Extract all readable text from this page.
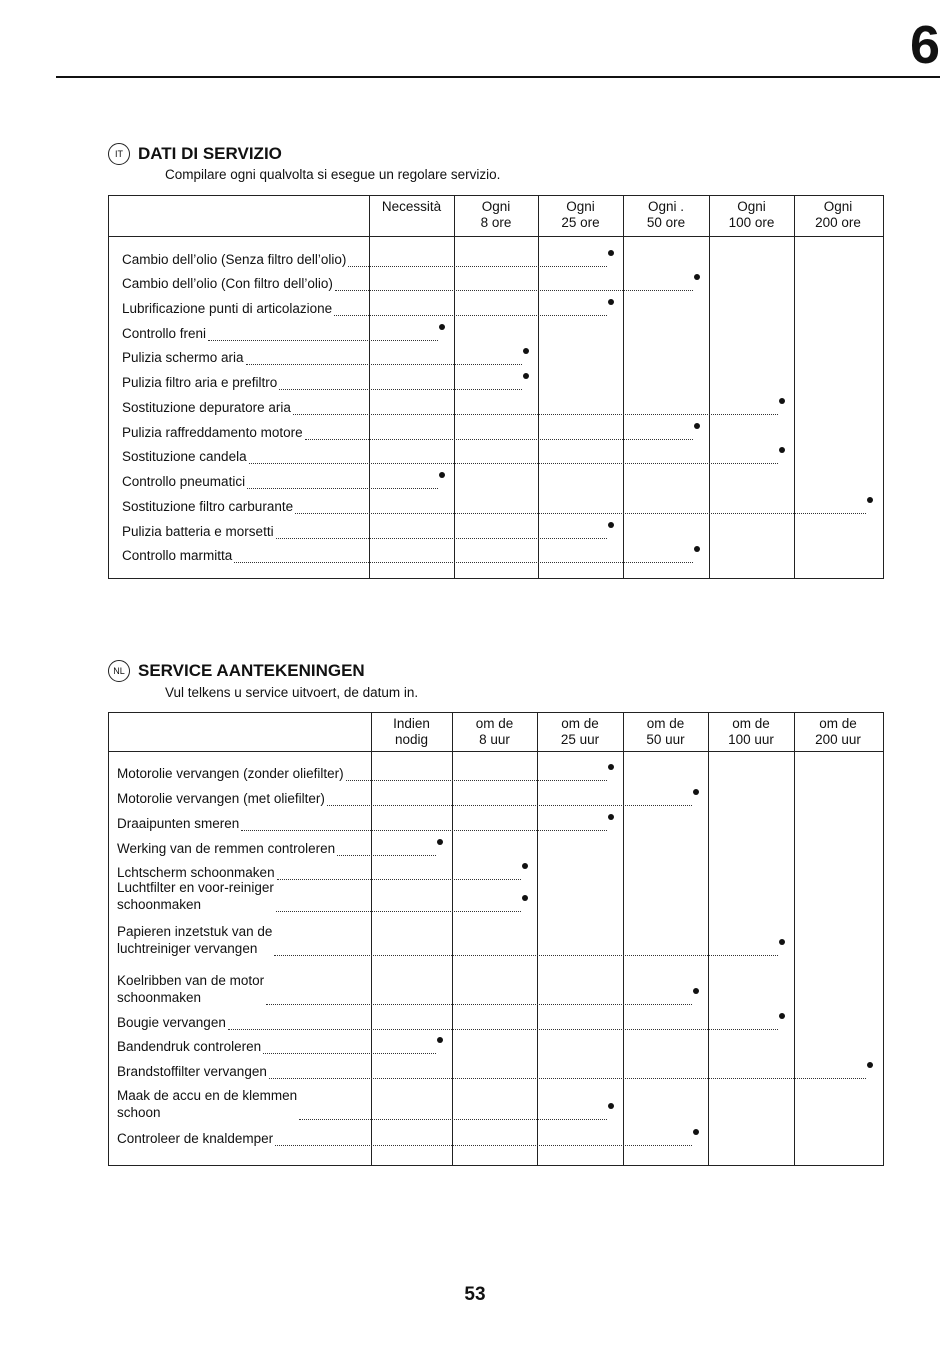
6
IT DATI DI SERVIZIO
Compilare ogni qualvolta si esegue un regolare servizio.
Necessità	Ogni
8 ore
Ogni
25 ore
Ogni .
50 ore
Ogni
100 ore
Ogni
200 ore
Cambio dell’olio (Senza filtro dell’olio)
Cambio dell’olio (Con filtro dell’olio)
Lubrificazione punti di articolazione
Controllo freni
Pulizia schermo aria
Pulizia filtro aria e prefiltro
Sostituzione depuratore aria
Pulizia raffreddamento motore
Sostituzione candela
Controllo pneumatici
Sostituzione filtro carburante
Pulizia batteria e morsetti
Controllo marmitta
NL SERVICE AANTEKENINGEN
Vul telkens u service uitvoert, de datum in.
Indien
nodig
om de
8 uur
om de
25 uur
om de
50 uur
om de
100 uur
om de
200 uur
Motorolie vervangen (zonder oliefilter)
Motorolie vervangen (met oliefilter)
Draaipunten smeren
Werking van de remmen controleren
Lchtscherm schoonmaken
Luchtfilter en voor-reiniger
schoonmaken
Papieren inzetstuk van de
luchtreiniger vervangen
Koelribben van de motor
schoonmaken
Bougie vervangen
Bandendruk controleren
Brandstoffilter vervangen
Maak de accu en de klemmen
schoon
Controleer de knaldemper
53
